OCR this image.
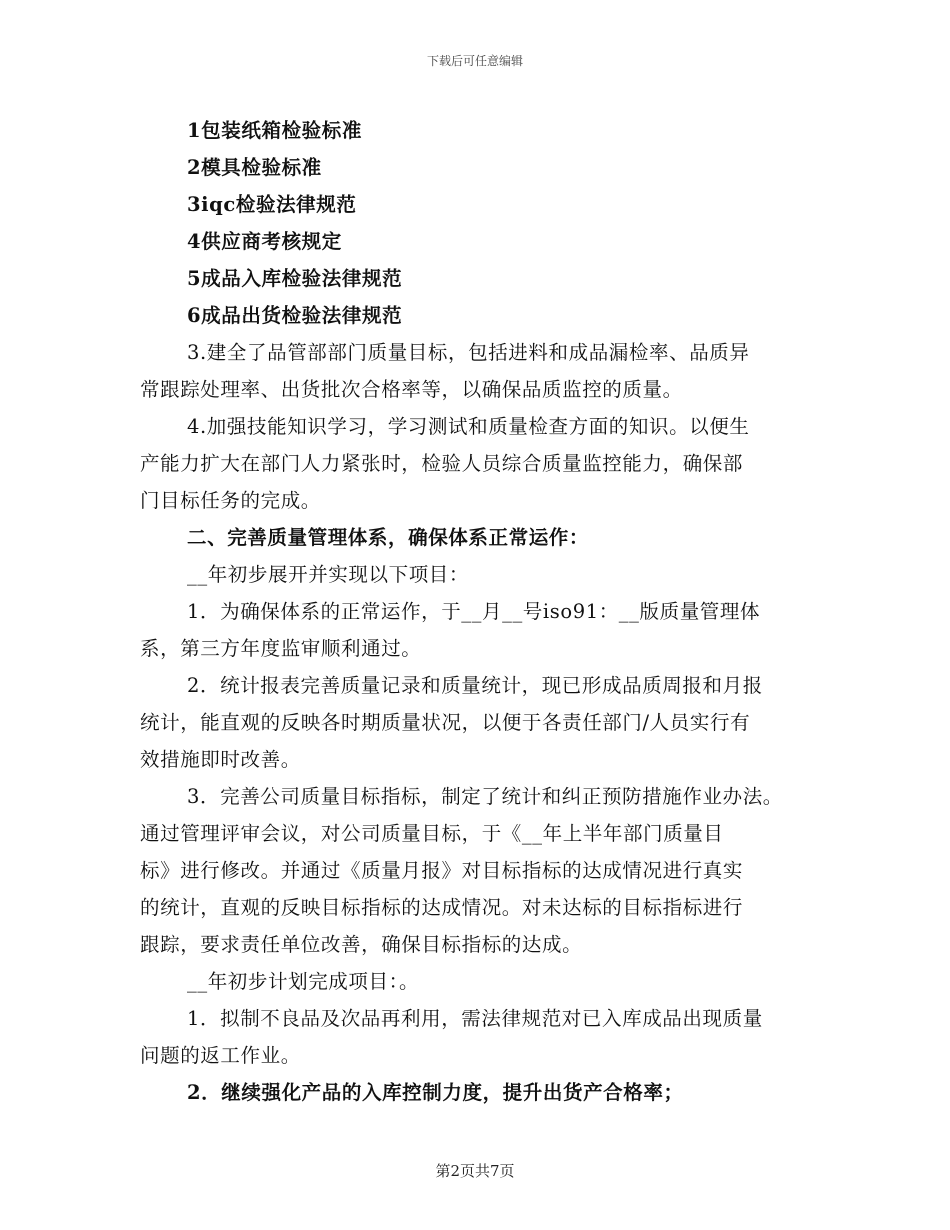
下载后可任意编辑
1包装纸箱检验标准
2模具检验标准
3iqc检验法律规范
4供应商考核规定
5成品入库检验法律规范
6成品出货检验法律规范
3.建全了品管部部门质量目标，包括进料和成品漏检率、品质异
常跟踪处理率、出货批次合格率等，以确保品质监控的质量。
4.加强技能知识学习，学习测试和质量检查方面的知识。以便生
产能力扩大在部门人力紧张时，检验人员综合质量监控能力，确保部
门目标任务的完成。
二、完善质量管理体系，确保体系正常运作：
__年初步展开并实现以下项目：
1．为确保体系的正常运作，于__月__号iso91：__版质量管理体
系，第三方年度监审顺利通过。
2．统计报表完善质量记录和质量统计，现已形成品质周报和月报
统计，能直观的反映各时期质量状况，以便于各责任部门/人员实行有
效措施即时改善。
3．完善公司质量目标指标，制定了统计和纠正预防措施作业办法。
通过管理评审会议，对公司质量目标，于《__年上半年部门质量目
标》进行修改。并通过《质量月报》对目标指标的达成情况进行真实
的统计，直观的反映目标指标的达成情况。对未达标的目标指标进行
跟踪，要求责任单位改善，确保目标指标的达成。
__年初步计划完成项目：。
1．拟制不良品及次品再利用，需法律规范对已入库成品出现质量
问题的返工作业。
2．继续强化产品的入库控制力度，提升出货产合格率；
第2页共7页
